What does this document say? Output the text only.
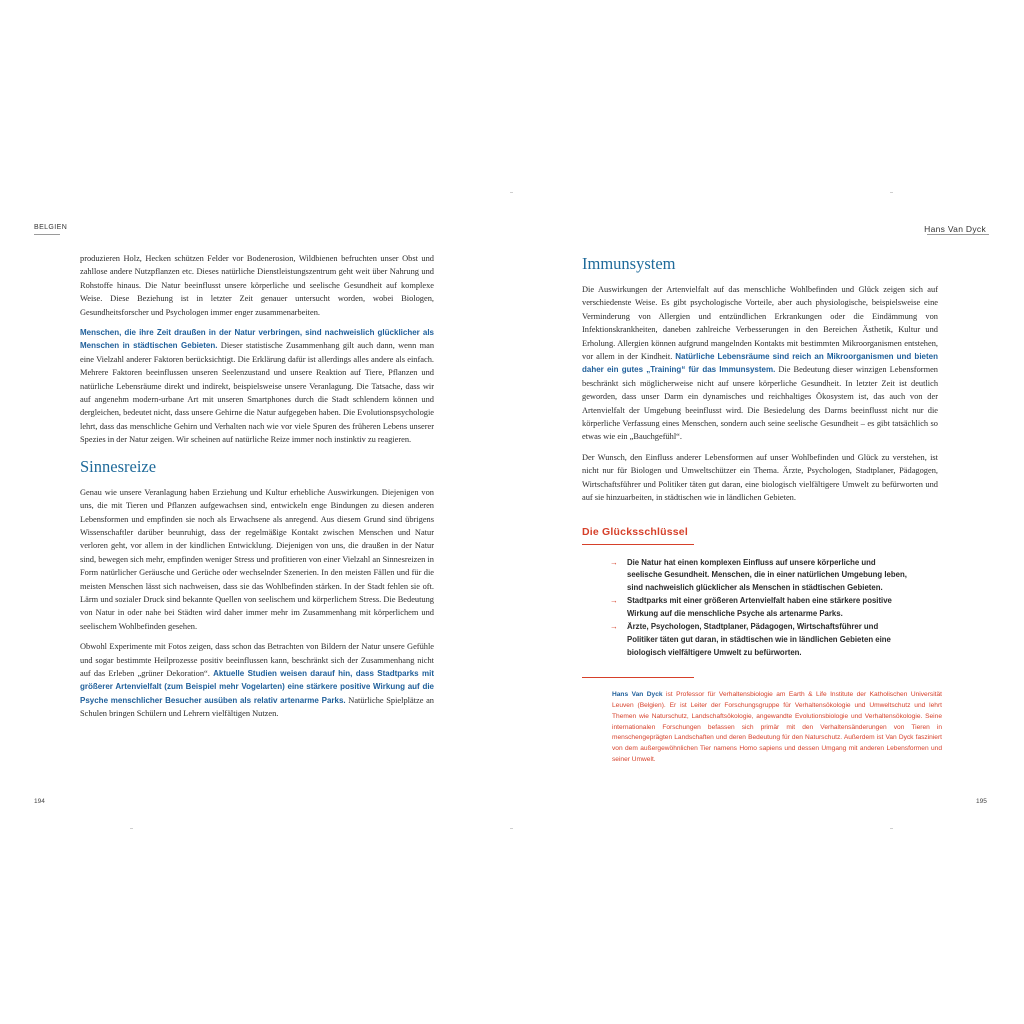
BELGIEN

produzieren Holz, Hecken schützen Felder vor Bodenerosion, Wildbienen befruchten unser Obst und zahllose andere Nutzpflanzen etc. Dieses natürliche Dienstleistungszentrum geht weit über Nahrung und Rohstoffe hinaus. Die Natur beeinflusst unsere körperliche und seelische Gesundheit auf komplexe Weise. Diese Beziehung ist in letzter Zeit genauer untersucht worden, wobei Biologen, Gesundheitsforscher und Psychologen immer enger zusammenarbeiten.

Menschen, die ihre Zeit draußen in der Natur verbringen, sind nachweislich glücklicher als Menschen in städtischen Gebieten. Dieser statistische Zusammenhang gilt auch dann, wenn man eine Vielzahl anderer Faktoren berücksichtigt. Die Erklärung dafür ist allerdings alles andere als einfach. Mehrere Faktoren beeinflussen unseren Seelenzustand und unsere Reaktion auf Tiere, Pflanzen und natürliche Lebensräume direkt und indirekt, beispielsweise unsere Veranlagung. Die Tatsache, dass wir auf angenehm modern-urbane Art mit unseren Smartphones durch die Stadt schlendern können und dergleichen, bedeutet nicht, dass unsere Gehirne die Natur aufgegeben haben. Die Evolutionspsychologie lehrt, dass das menschliche Gehirn und Verhalten nach wie vor viele Spuren des früheren Lebens unserer Spezies in der Natur zeigen. Wir scheinen auf natürliche Reize immer noch instinktiv zu reagieren.

Sinnesreize

Genau wie unsere Veranlagung haben Erziehung und Kultur erhebliche Auswirkungen. Diejenigen von uns, die mit Tieren und Pflanzen aufgewachsen sind, entwickeln enge Bindungen zu diesen anderen Lebensformen und empfinden sie noch als Erwachsene als anregend. Aus diesem Grund sind übrigens Wissenschaftler darüber beunruhigt, dass der regelmäßige Kontakt zwischen Menschen und Natur verloren geht, vor allem in der kindlichen Entwicklung. Diejenigen von uns, die draußen in der Natur sind, bewegen sich mehr, empfinden weniger Stress und profitieren von einer Vielzahl an Sinnesreizen in Form natürlicher Geräusche und Gerüche oder wechselnder Szenerien. In den meisten Fällen und für die meisten Menschen lässt sich nachweisen, dass sie das Wohlbefinden stärken. In der Stadt fehlen sie oft. Lärm und sozialer Druck sind bekannte Quellen von seelischem und körperlichem Stress. Die Bedeutung von Natur in oder nahe bei Städten wird daher immer mehr im Zusammenhang mit körperlichem und seelischem Wohlbefinden gesehen.

Obwohl Experimente mit Fotos zeigen, dass schon das Betrachten von Bildern der Natur unsere Gefühle und sogar bestimmte Heilprozesse positiv beeinflussen kann, beschränkt sich der Zusammenhang nicht auf das Erleben „grüner Dekoration“. Aktuelle Studien weisen darauf hin, dass Stadtparks mit größerer Artenvielfalt (zum Beispiel mehr Vogelarten) eine stärkere positive Wirkung auf die Psyche menschlicher Besucher ausüben als relativ artenarme Parks. Natürliche Spielplätze an Schulen bringen Schülern und Lehrern vielfältigen Nutzen.

194
Hans Van Dyck
Immunsystem

Die Auswirkungen der Artenvielfalt auf das menschliche Wohlbefinden und Glück zeigen sich auf verschiedenste Weise. Es gibt psychologische Vorteile, aber auch physiologische, beispielsweise eine Verminderung von Allergien und entzündlichen Erkrankungen oder die Eindämmung von Infektionskrankheiten, daneben zahlreiche Verbesserungen in den Bereichen Ästhetik, Kultur und Erholung. Allergien können aufgrund mangelnden Kontakts mit bestimmten Mikroorganismen entstehen, vor allem in der Kindheit. Natürliche Lebensräume sind reich an Mikroorganismen und bieten daher ein gutes „Training“ für das Immunsystem. Die Bedeutung dieser winzigen Lebensformen beschränkt sich möglicherweise nicht auf unsere körperliche Gesundheit. In letzter Zeit ist deutlich geworden, dass unser Darm ein dynamisches und reichhaltiges Ökosystem ist, das auch von der Artenvielfalt der Umgebung beeinflusst wird. Die Besiedelung des Darms beeinflusst nicht nur die körperliche Verfassung eines Menschen, sondern auch seine seelische Gesundheit – es gibt tatsächlich so etwas wie ein „Bauchgefühl“.

Der Wunsch, den Einfluss anderer Lebensformen auf unser Wohlbefinden und Glück zu verstehen, ist nicht nur für Biologen und Umweltschützer ein Thema. Ärzte, Psychologen, Stadtplaner, Pädagogen, Wirtschaftsführer und Politiker täten gut daran, eine biologisch vielfältigere Umwelt zu befürworten und auf sie hinzuarbeiten, in städtischen wie in ländlichen Gebieten.

Die Glücksschlüssel
→ Die Natur hat einen komplexen Einfluss auf unsere körperliche und seelische Gesundheit. Menschen, die in einer natürlichen Umgebung leben, sind nachweislich glücklicher als Menschen in städtischen Gebieten.
→ Stadtparks mit einer größeren Artenvielfalt haben eine stärkere positive Wirkung auf die menschliche Psyche als artenarme Parks.
→ Ärzte, Psychologen, Stadtplaner, Pädagogen, Wirtschaftsführer und Politiker täten gut daran, in städtischen wie in ländlichen Gebieten eine biologisch vielfältigere Umwelt zu befürworten.
Hans Van Dyck ist Professor für Verhaltensbiologie am Earth & Life Institute der Katholischen Universität Leuven (Belgien). Er ist Leiter der Forschungsgruppe für Verhaltensökologie und Umweltschutz und lehrt Themen wie Naturschutz, Landschaftsökologie, angewandte Evolutionsbiologie und Verhaltensökologie. Seine internationalen Forschungen befassen sich primär mit den Verhaltensänderungen von Tieren in menschengeprägten Landschaften und deren Bedeutung für den Naturschutz. Außerdem ist Van Dyck fasziniert von dem außergewöhnlichen Tier namens Homo sapiens und dessen Umgang mit anderen Lebensformen und seiner Umwelt.
195
